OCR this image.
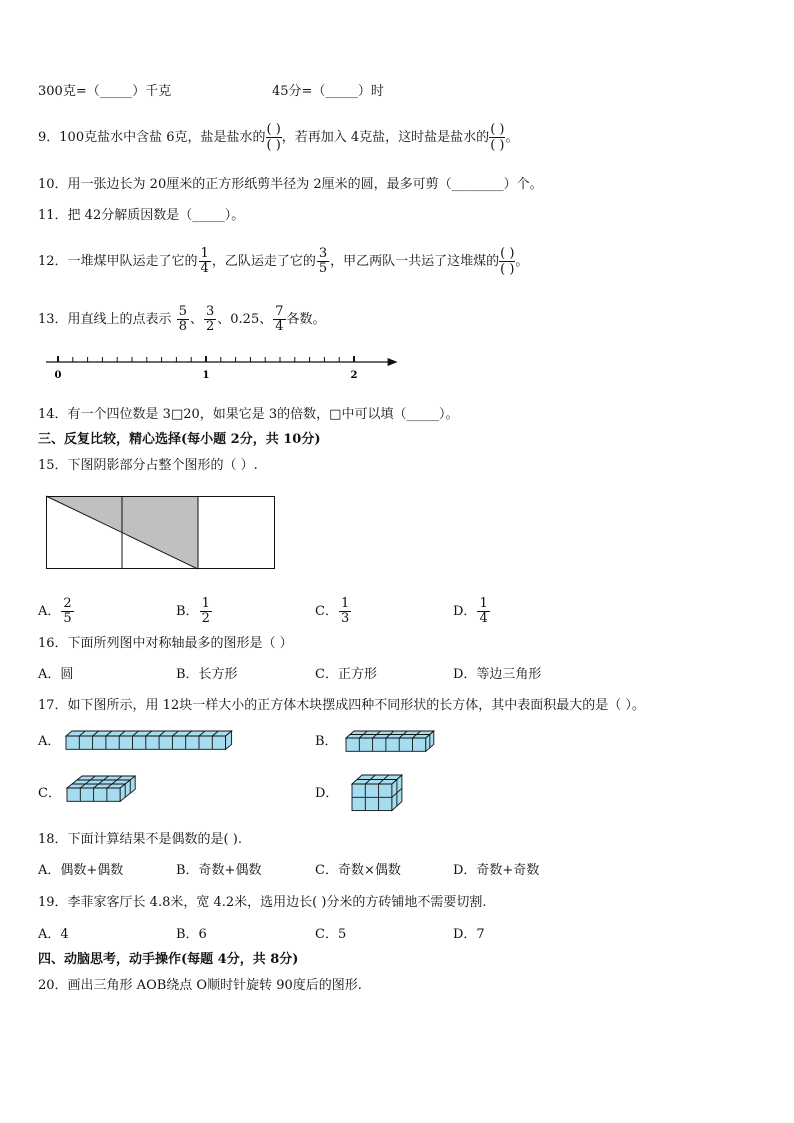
300克=（_____）千克	45分=（_____）时
9．100克盐水中含盐 6克，盐是盐水的 $\frac{( )}{( )}$ ，若再加入 4克盐，这时盐是盐水的 $\frac{( )}{( )}$ 。
10．用一张边长为 20厘米的正方形纸剪半径为 2厘米的圆，最多可剪（________）个。
11．把 42分解质因数是（_____）。
12．一堆煤甲队运走了它的 $\frac{1}{4}$ ，乙队运走了它的 $\frac{3}{5}$ ，甲乙两队一共运了这堆煤的 $\frac{( )}{( )}$ 。
13．用直线上的点表示 $\frac{5}{8}$ 、 $\frac{3}{2}$ 、0.25、 $\frac{7}{4}$ 各数。
0	1	2
14．有一个四位数是 3□20，如果它是 3的倍数，□中可以填（_____）。
三、反复比较，精心选择(每小题 2分，共 10分)
15．下图阴影部分占整个图形的（ ）.
A． $\frac{2}{5}$	B． $\frac{1}{2}$	C． $\frac{1}{3}$	D． $\frac{1}{4}$
16．下面所列图中对称轴最多的图形是（ ）
A．圆	B．长方形	C．正方形	D．等边三角形
17．如下图所示，用 12块一样大小的正方体木块摆成四种不同形状的长方体，其中表面积最大的是（ ）。
A．	B．
C．	D．
18．下面计算结果不是偶数的是( ).
A．偶数+偶数	B．奇数+偶数	C．奇数×偶数	D．奇数+奇数
19．李菲家客厅长 4.8米，宽 4.2米，选用边长( )分米的方砖铺地不需要切割.
A．4	B．6	C．5	D．7
四、动脑思考，动手操作(每题 4分，共 8分)
20．画出三角形 AOB绕点 O顺时针旋转 90度后的图形.
